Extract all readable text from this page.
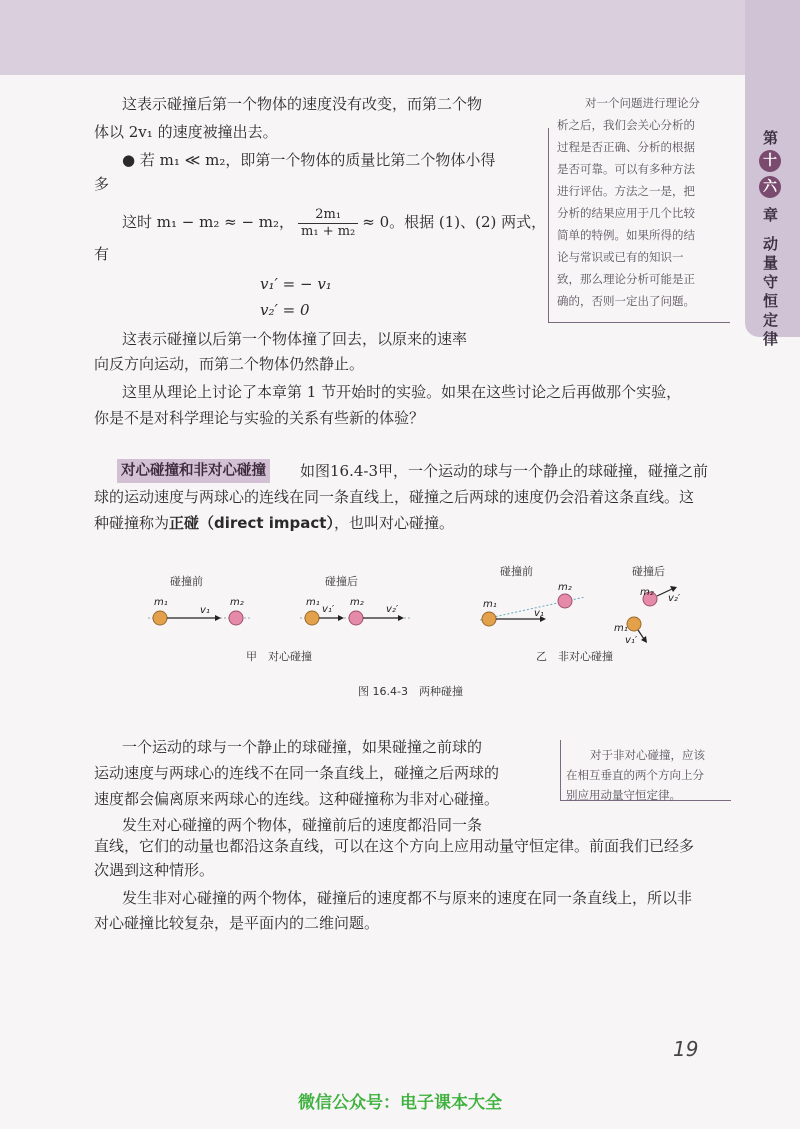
第
十
六
章
动量守恒定律
这表示碰撞后第一个物体的速度没有改变，而第二个物
体以 2v₁ 的速度被撞出去。
● 若 m₁ ≪ m₂，即第一个物体的质量比第二个物体小得
多
这时 m₁ − m₂ ≈ − m₂， $\frac{\text{2m₁}}{\text{m₁ + m₂}} \approx 0$。根据 (1)、(2) 两式，
有
v₁′ = − v₁
v₂′ = 0
这表示碰撞以后第一个物体撞了回去，以原来的速率
向反方向运动，而第二个物体仍然静止。
这里从理论上讨论了本章第 1 节开始时的实验。如果在这些讨论之后再做那个实验，
你是不是对科学理论与实验的关系有些新的体验？
对一个问题进行理论分
析之后，我们会关心分析的
过程是否正确、分析的根据
是否可靠。可以有多种方法
进行评估。方法之一是，把
分析的结果应用于几个比较
简单的特例。如果所得的结
论与常识或已有的知识一
致，那么理论分析可能是正
确的，否则一定出了问题。
对心碰撞和非对心碰撞 如图16.4-3甲，一个运动的球与一个静止的球碰撞，碰撞之前
球的运动速度与两球心的连线在同一条直线上，碰撞之后两球的速度仍会沿着这条直线。这
种碰撞称为正碰（direct impact），也叫对心碰撞。
碰撞前
m₁
v₁
m₂
碰撞后
m₁
v₁′
m₂
v₂′
碰撞前
m₁
v₁
m₂
碰撞后
m₁
v₁′
m₂
v₂′
甲　对心碰撞	乙　非对心碰撞
图 16.4-3　两种碰撞
一个运动的球与一个静止的球碰撞，如果碰撞之前球的
运动速度与两球心的连线不在同一条直线上，碰撞之后两球的
速度都会偏离原来两球心的连线。这种碰撞称为非对心碰撞。
发生对心碰撞的两个物体，碰撞前后的速度都沿同一条
直线，它们的动量也都沿这条直线，可以在这个方向上应用动量守恒定律。前面我们已经多
次遇到这种情形。
发生非对心碰撞的两个物体，碰撞后的速度都不与原来的速度在同一条直线上，所以非
对心碰撞比较复杂，是平面内的二维问题。
对于非对心碰撞，应该
在相互垂直的两个方向上分
别应用动量守恒定律。
19
微信公众号：电子课本大全
